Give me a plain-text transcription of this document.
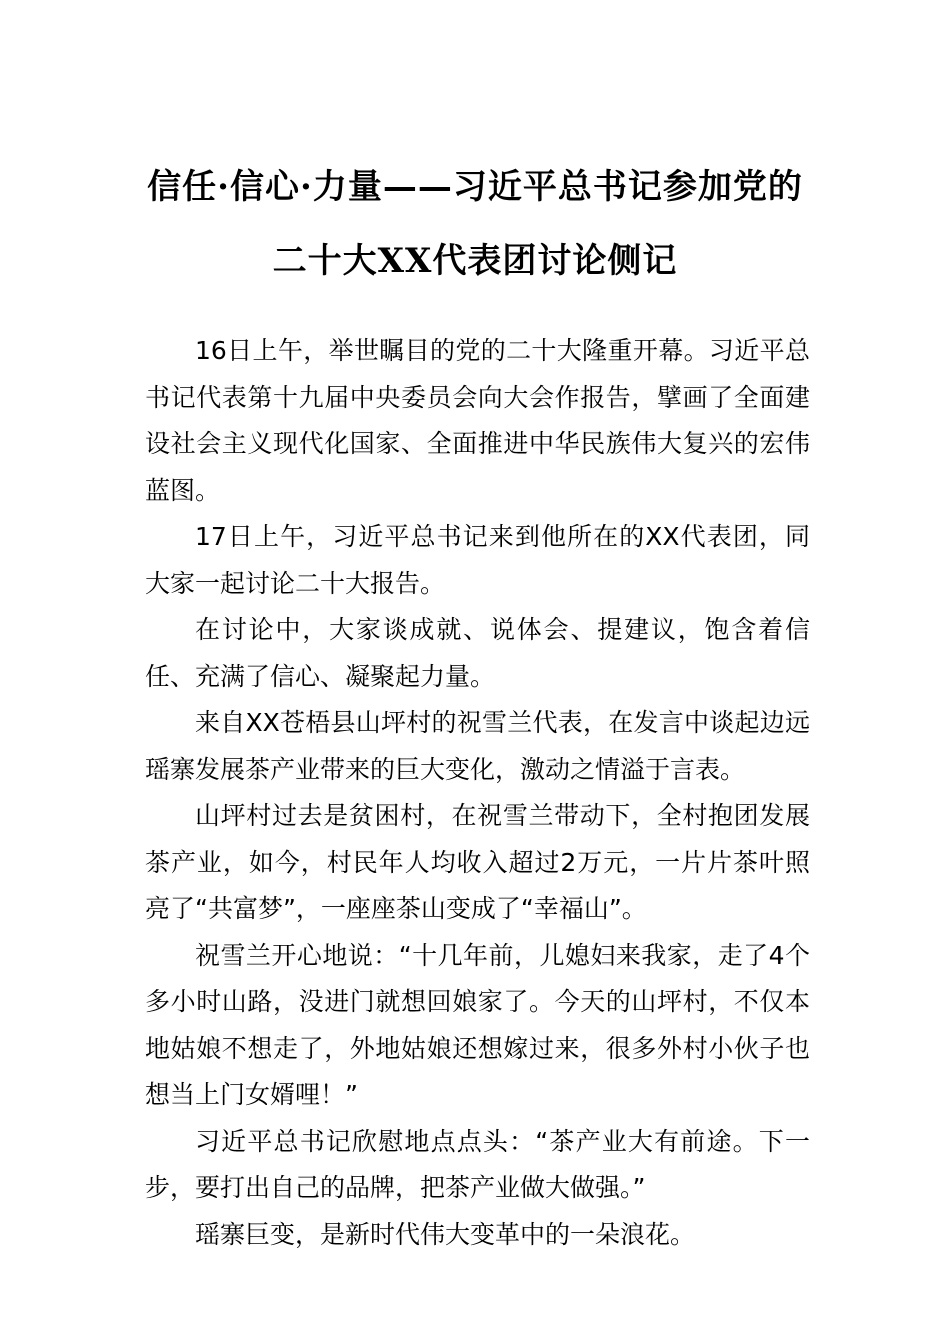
信任·信心·力量——习近平总书记参加党的
二十大XX代表团讨论侧记

16日上午，举世瞩目的党的二十大隆重开幕。习近平总书记代表第十九届中央委员会向大会作报告，擘画了全面建设社会主义现代化国家、全面推进中华民族伟大复兴的宏伟蓝图。

17日上午，习近平总书记来到他所在的XX代表团，同大家一起讨论二十大报告。

在讨论中，大家谈成就、说体会、提建议，饱含着信任、充满了信心、凝聚起力量。

来自XX苍梧县山坪村的祝雪兰代表，在发言中谈起边远瑶寨发展茶产业带来的巨大变化，激动之情溢于言表。

山坪村过去是贫困村，在祝雪兰带动下，全村抱团发展茶产业，如今，村民年人均收入超过2万元，一片片茶叶照亮了“共富梦”，一座座茶山变成了“幸福山”。

祝雪兰开心地说：“十几年前，儿媳妇来我家，走了4个多小时山路，没进门就想回娘家了。今天的山坪村，不仅本地姑娘不想走了，外地姑娘还想嫁过来，很多外村小伙子也想当上门女婿哩！”

习近平总书记欣慰地点点头：“茶产业大有前途。下一步，要打出自己的品牌，把茶产业做大做强。”

瑶寨巨变，是新时代伟大变革中的一朵浪花。
